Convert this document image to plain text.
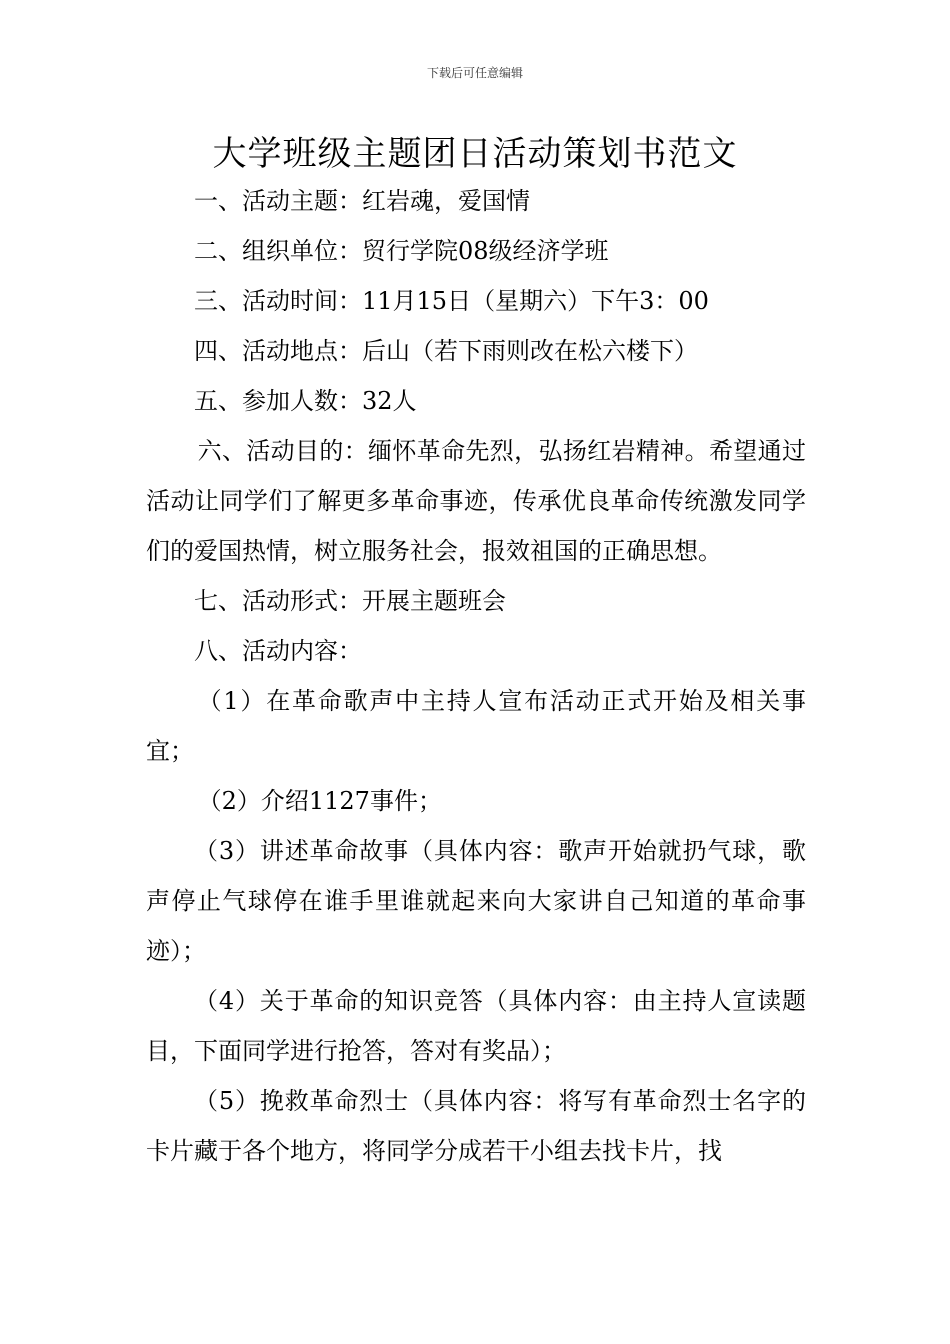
下载后可任意编辑
大学班级主题团日活动策划书范文

一、活动主题：红岩魂，爱国情

二、组织单位：贸行学院08级经济学班

三、活动时间：11月15日（星期六）下午3：00

四、活动地点：后山（若下雨则改在松六楼下）

五、参加人数：32人

六、活动目的：缅怀革命先烈，弘扬红岩精神。希望通过活动让同学们了解更多革命事迹，传承优良革命传统激发同学们的爱国热情，树立服务社会，报效祖国的正确思想。

七、活动形式：开展主题班会

八、活动内容：

（1）在革命歌声中主持人宣布活动正式开始及相关事宜；

（2）介绍1127事件；

（3）讲述革命故事（具体内容：歌声开始就扔气球，歌声停止气球停在谁手里谁就起来向大家讲自己知道的革命事迹）；

（4）关于革命的知识竞答（具体内容：由主持人宣读题目，下面同学进行抢答，答对有奖品）；

（5）挽救革命烈士（具体内容：将写有革命烈士名字的卡片藏于各个地方，将同学分成若干小组去找卡片，找
